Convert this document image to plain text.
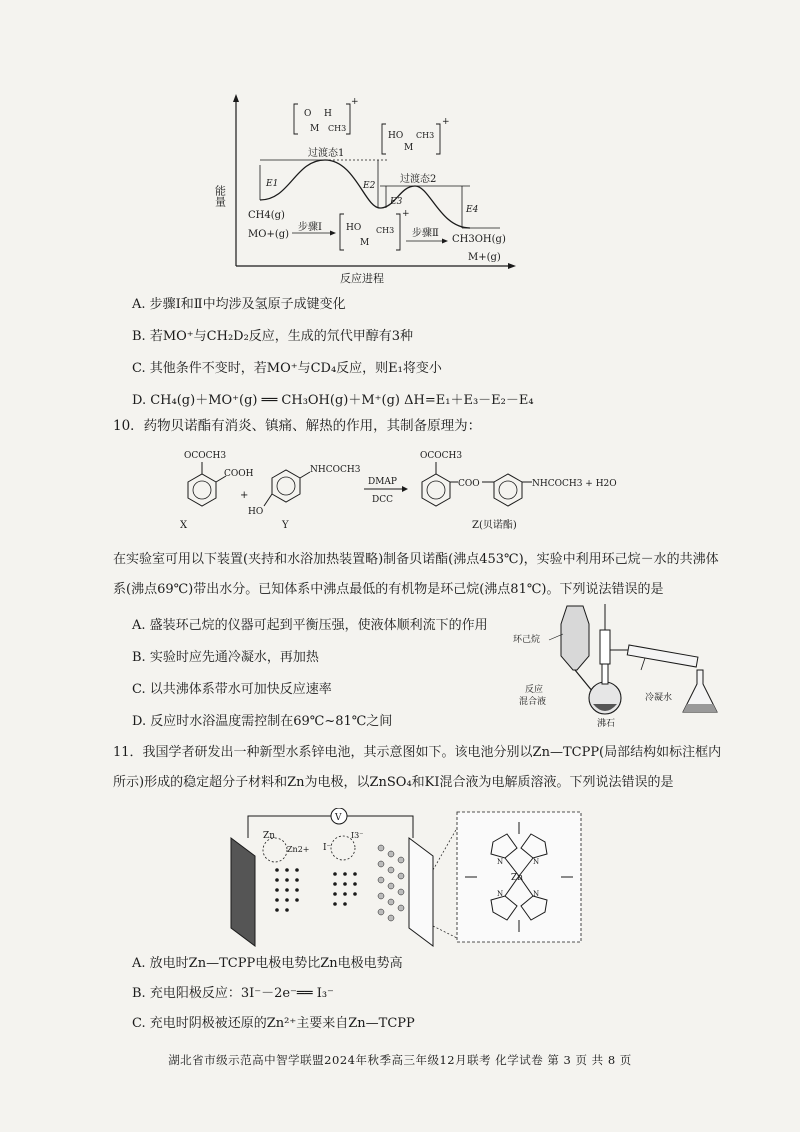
能量
反应进程
E1	E2
E3
E4
过渡态1
过渡态2
O H
M CH3
+
HO
M
CH3
+
HO
M
CH3
+
CH4(g)
MO+(g)
步骤Ⅰ
步骤Ⅱ
CH3OH(g)
M+(g)
A. 步骤Ⅰ和Ⅱ中均涉及氢原子成键变化
B. 若MO⁺与CH₂D₂反应，生成的氘代甲醇有3种
C. 其他条件不变时，若MO⁺与CD₄反应，则E₁将变小
D. CH₄(g)＋MO⁺(g) ══ CH₃OH(g)＋M⁺(g) ΔH=E₁＋E₃－E₂－E₄
10．药物贝诺酯有消炎、镇痛、解热的作用，其制备原理为：
OCOCH3
COOH
+
X
NHCOCH3
HO
Y
DMAP
DCC
OCOCH3
COO	NHCOCH3 + H2O
Z(贝诺酯)
在实验室可用以下装置(夹持和水浴加热装置略)制备贝诺酯(沸点453℃)，实验中利用环己烷－水的共沸体
系(沸点69℃)带出水分。已知体系中沸点最低的有机物是环己烷(沸点81℃)。下列说法错误的是
A. 盛装环己烷的仪器可起到平衡压强，使液体顺利流下的作用
B. 实验时应先通冷凝水，再加热
C. 以共沸体系带水可加快反应速率
D. 反应时水浴温度需控制在69℃~81℃之间
环己烷
反应
混合液
沸石
冷凝水
11．我国学者研发出一种新型水系锌电池，其示意图如下。该电池分别以Zn—TCPP(局部结构如标注框内
所示)形成的稳定超分子材料和Zn为电极，以ZnSO₄和KI混合液为电解质溶液。下列说法错误的是
V
Zn
Zn2+ I⁻
I3⁻
Zn
N	N
N	N
A. 放电时Zn—TCPP电极电势比Zn电极电势高
B. 充电阳极反应：3I⁻－2e⁻══ I₃⁻
C. 充电时阴极被还原的Zn²⁺主要来自Zn—TCPP
湖北省市级示范高中智学联盟2024年秋季高三年级12月联考 化学试卷 第 3 页 共 8 页
